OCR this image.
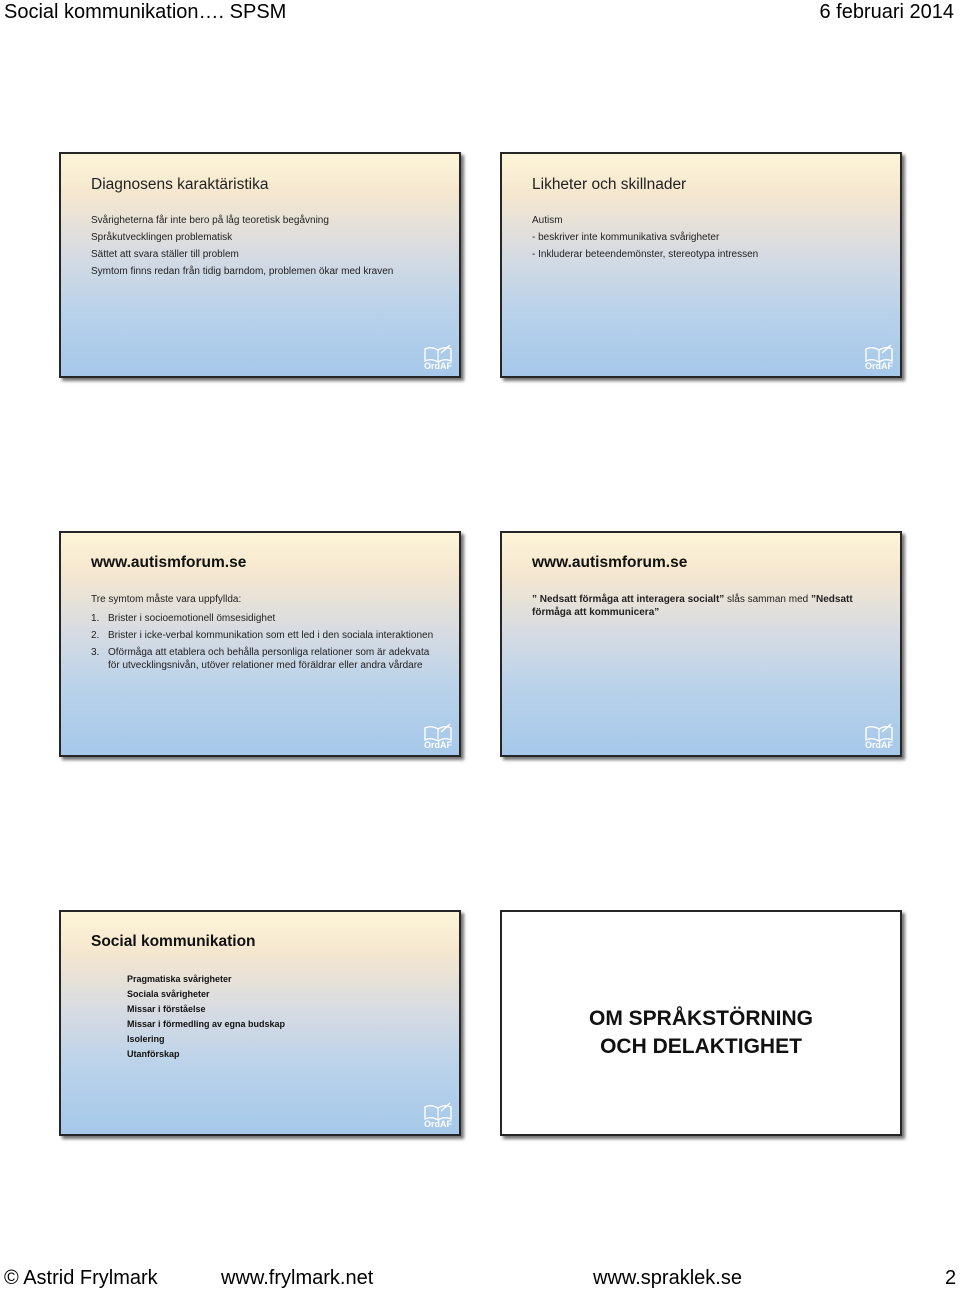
Social kommunikation…. SPSM	6 februari 2014
Diagnosens karaktäristika
Svårigheterna får inte bero på låg teoretisk begåvning
Språkutvecklingen problematisk
Sättet att svara ställer till problem
Symtom finns redan från tidig barndom, problemen ökar med kraven
OrdAF
Likheter och skillnader
Autism
- beskriver inte kommunikativa svårigheter
- Inkluderar beteendemönster, stereotypa intressen
OrdAF
www.autismforum.se
Tre symtom måste vara uppfyllda:
1. Brister i socioemotionell ömsesidighet
2. Brister i icke-verbal kommunikation som ett led i den sociala interaktionen
3. Oförmåga att etablera och behålla personliga relationer som är adekvata för utvecklingsnivån, utöver relationer med föräldrar eller andra vårdare
OrdAF
www.autismforum.se
” Nedsatt förmåga att interagera socialt” slås samman med ”Nedsatt förmåga att kommunicera”
OrdAF
Social kommunikation
Pragmatiska svårigheter
Sociala svårigheter
Missar i förståelse
Missar i förmedling av egna budskap
Isolering
Utanförskap
OrdAF
OM SPRÅKSTÖRNING
OCH DELAKTIGHET
© Astrid Frylmark	www.frylmark.net	www.spraklek.se	2
